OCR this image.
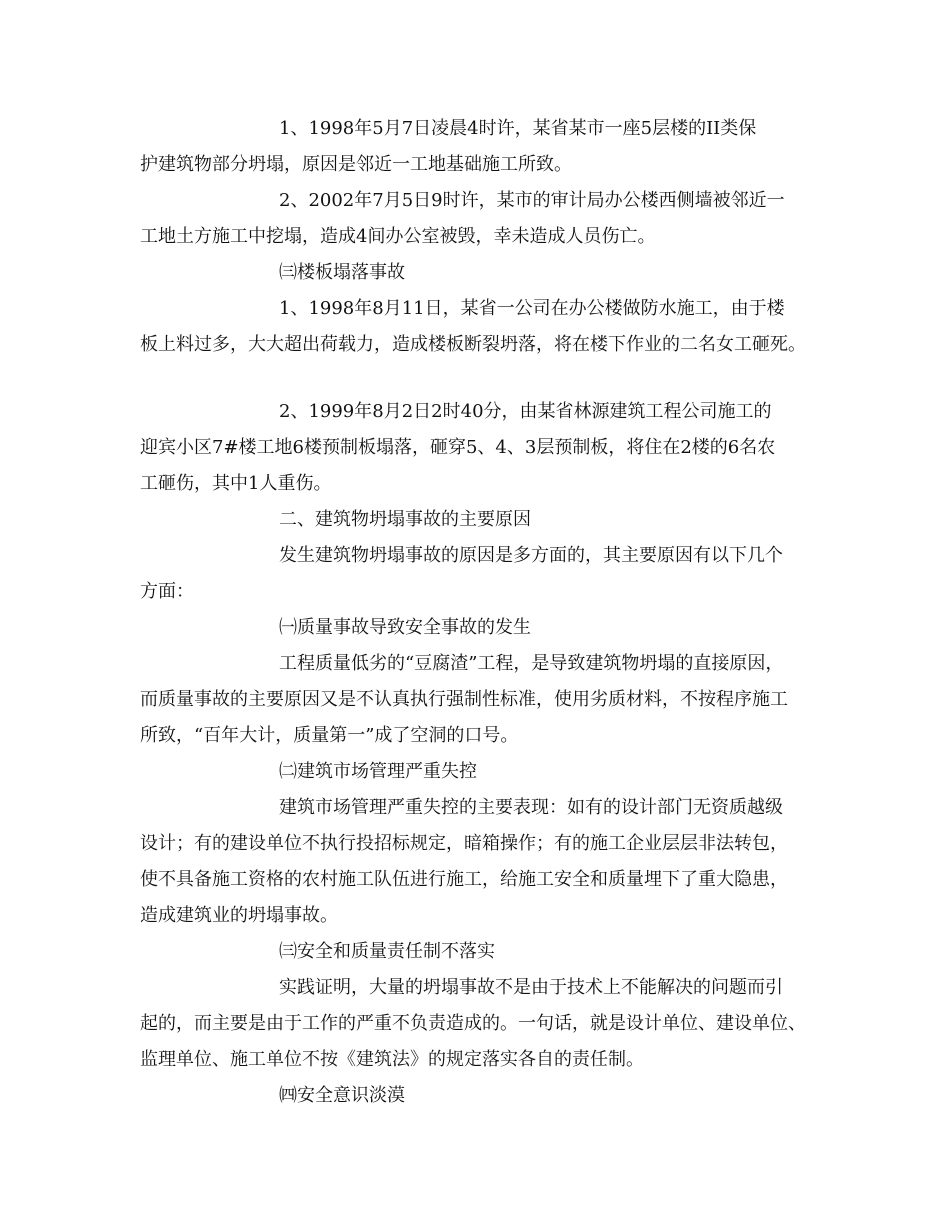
1、1998年5月7日凌晨4时许，某省某市一座5层楼的II类保
护建筑物部分坍塌，原因是邻近一工地基础施工所致。
2、2002年7月5日9时许，某市的审计局办公楼西侧墙被邻近一
工地土方施工中挖塌，造成4间办公室被毁，幸未造成人员伤亡。
㈢楼板塌落事故
1、1998年8月11日，某省一公司在办公楼做防水施工，由于楼
板上料过多，大大超出荷载力，造成楼板断裂坍落，将在楼下作业的二名女工砸死。
2、1999年8月2日2时40分，由某省林源建筑工程公司施工的
迎宾小区7#楼工地6楼预制板塌落，砸穿5、4、3层预制板，将住在2楼的6名农
工砸伤，其中1人重伤。
二、建筑物坍塌事故的主要原因
发生建筑物坍塌事故的原因是多方面的，其主要原因有以下几个
方面：
㈠质量事故导致安全事故的发生
工程质量低劣的“豆腐渣”工程，是导致建筑物坍塌的直接原因，
而质量事故的主要原因又是不认真执行强制性标准，使用劣质材料，不按程序施工
所致，“百年大计，质量第一”成了空洞的口号。
㈡建筑市场管理严重失控
建筑市场管理严重失控的主要表现：如有的设计部门无资质越级
设计；有的建设单位不执行投招标规定，暗箱操作；有的施工企业层层非法转包，
使不具备施工资格的农村施工队伍进行施工，给施工安全和质量埋下了重大隐患，
造成建筑业的坍塌事故。
㈢安全和质量责任制不落实
实践证明，大量的坍塌事故不是由于技术上不能解决的问题而引
起的，而主要是由于工作的严重不负责造成的。一句话，就是设计单位、建设单位、
监理单位、施工单位不按《建筑法》的规定落实各自的责任制。
㈣安全意识淡漠
